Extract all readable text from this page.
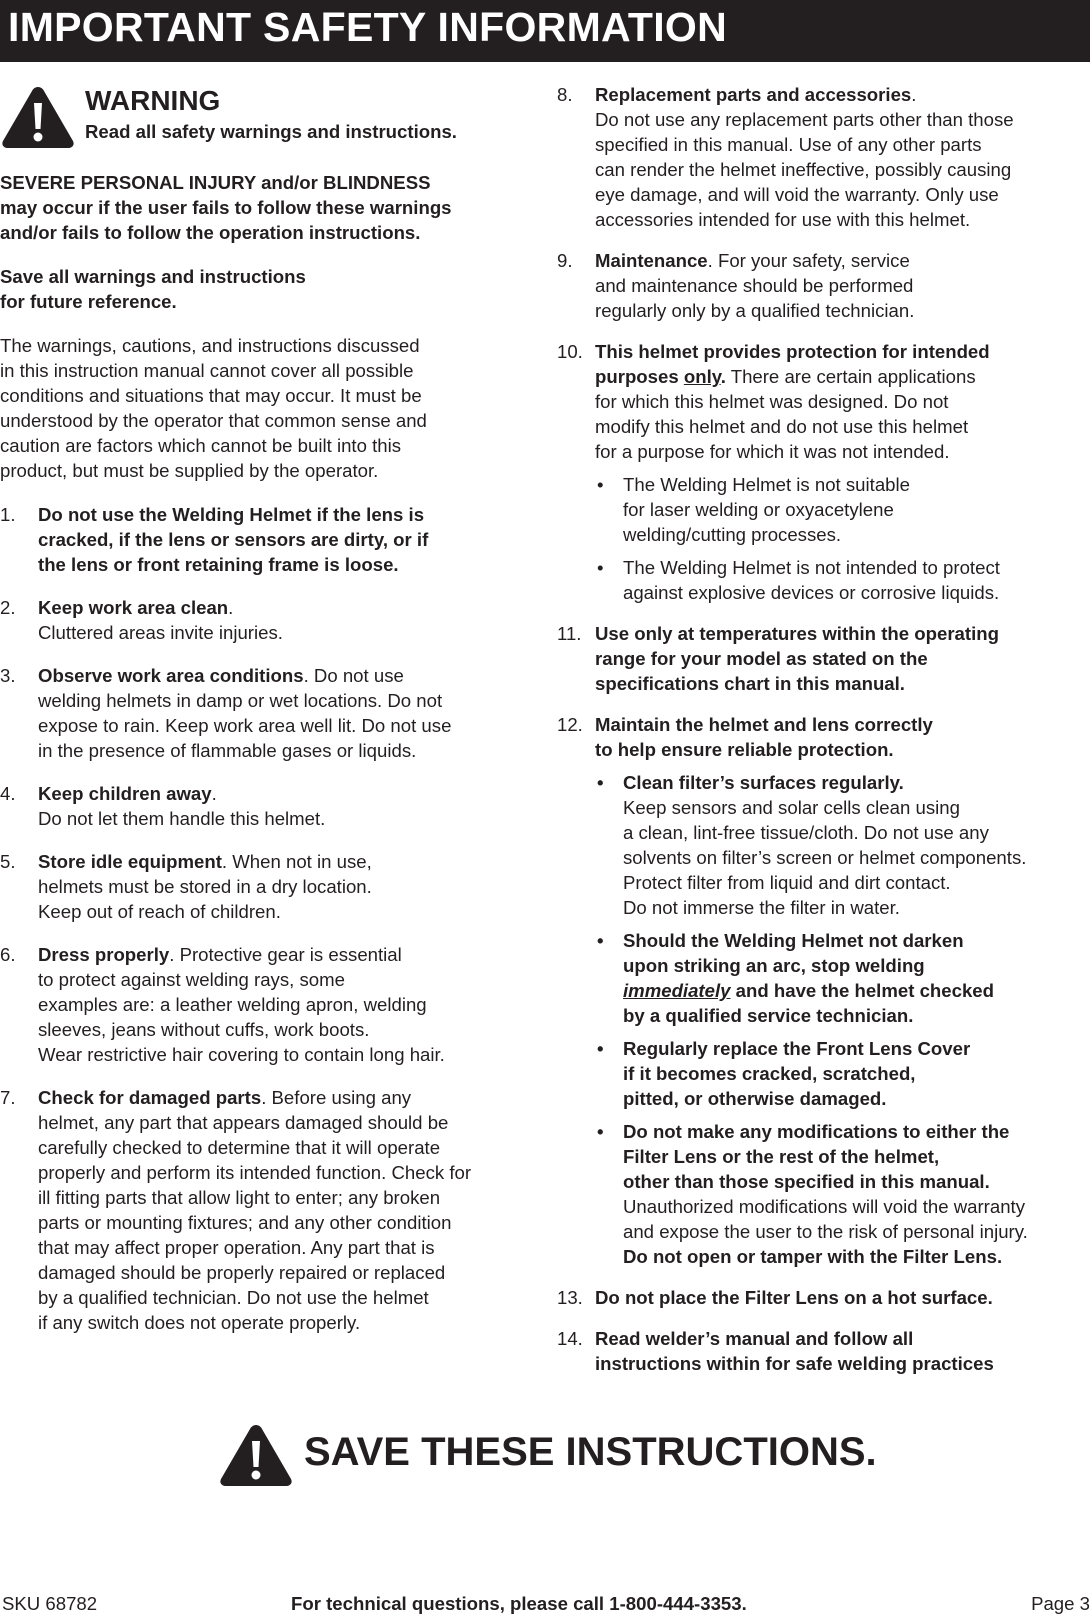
IMPORTANT SAFETY INFORMATION
WARNING
Read all safety warnings and instructions.

SEVERE PERSONAL INJURY and/or BLINDNESS
may occur if the user fails to follow these warnings
and/or fails to follow the operation instructions.

Save all warnings and instructions
for future reference.

The warnings, cautions, and instructions discussed
in this instruction manual cannot cover all possible
conditions and situations that may occur. It must be
understood by the operator that common sense and
caution are factors which cannot be built into this
product, but must be supplied by the operator.

1. Do not use the Welding Helmet if the lens is
cracked, if the lens or sensors are dirty, or if
the lens or front retaining frame is loose.
2. Keep work area clean.
Cluttered areas invite injuries.
3. Observe work area conditions. Do not use
welding helmets in damp or wet locations. Do not
expose to rain. Keep work area well lit. Do not use
in the presence of flammable gases or liquids.
4. Keep children away.
Do not let them handle this helmet.
5. Store idle equipment. When not in use,
helmets must be stored in a dry location.
Keep out of reach of children.
6. Dress properly. Protective gear is essential
to protect against welding rays, some
examples are: a leather welding apron, welding
sleeves, jeans without cuffs, work boots.
Wear restrictive hair covering to contain long hair.
7. Check for damaged parts. Before using any
helmet, any part that appears damaged should be
carefully checked to determine that it will operate
properly and perform its intended function. Check for
ill fitting parts that allow light to enter; any broken
parts or mounting fixtures; and any other condition
that may affect proper operation. Any part that is
damaged should be properly repaired or replaced
by a qualified technician. Do not use the helmet
if any switch does not operate properly.
8. Replacement parts and accessories.
Do not use any replacement parts other than those
specified in this manual. Use of any other parts
can render the helmet ineffective, possibly causing
eye damage, and will void the warranty. Only use
accessories intended for use with this helmet.
9. Maintenance. For your safety, service
and maintenance should be performed
regularly only by a qualified technician.
10. This helmet provides protection for intended
purposes only. There are certain applications
for which this helmet was designed. Do not
modify this helmet and do not use this helmet
for a purpose for which it was not intended.
• The Welding Helmet is not suitable
for laser welding or oxyacetylene
welding/cutting processes.
• The Welding Helmet is not intended to protect
against explosive devices or corrosive liquids.
11. Use only at temperatures within the operating
range for your model as stated on the
specifications chart in this manual.
12. Maintain the helmet and lens correctly
to help ensure reliable protection.
• Clean filter’s surfaces regularly.
Keep sensors and solar cells clean using
a clean, lint-free tissue/cloth. Do not use any
solvents on filter’s screen or helmet components.
Protect filter from liquid and dirt contact.
Do not immerse the filter in water.
• Should the Welding Helmet not darken
upon striking an arc, stop welding
immediately and have the helmet checked
by a qualified service technician.
• Regularly replace the Front Lens Cover
if it becomes cracked, scratched,
pitted, or otherwise damaged.
• Do not make any modifications to either the
Filter Lens or the rest of the helmet,
other than those specified in this manual.
Unauthorized modifications will void the warranty
and expose the user to the risk of personal injury.
Do not open or tamper with the Filter Lens.
13. Do not place the Filter Lens on a hot surface.
14. Read welder’s manual and follow all
instructions within for safe welding practices
SAVE THESE INSTRUCTIONS.
SKU 68782	For technical questions, please call 1-800-444-3353.	Page 3
